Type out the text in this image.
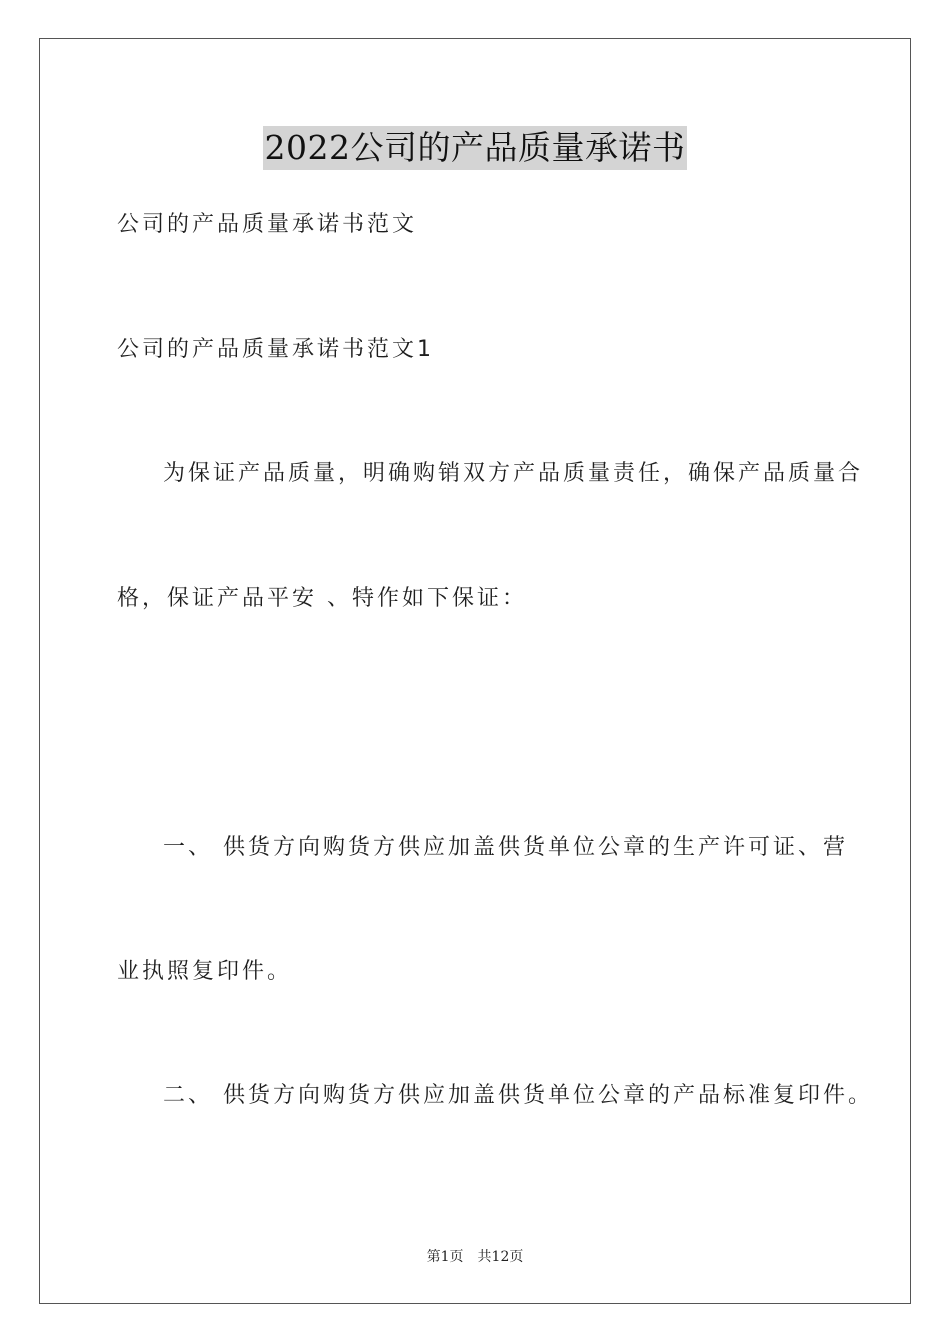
2022公司的产品质量承诺书
公司的产品质量承诺书范文
公司的产品质量承诺书范文1
为保证产品质量，明确购销双方产品质量责任，确保产品质量合
格，保证产品平安 、特作如下保证：
一、 供货方向购货方供应加盖供货单位公章的生产许可证、营
业执照复印件。
二、 供货方向购货方供应加盖供货单位公章的产品标准复印件。
第1页 共12页
